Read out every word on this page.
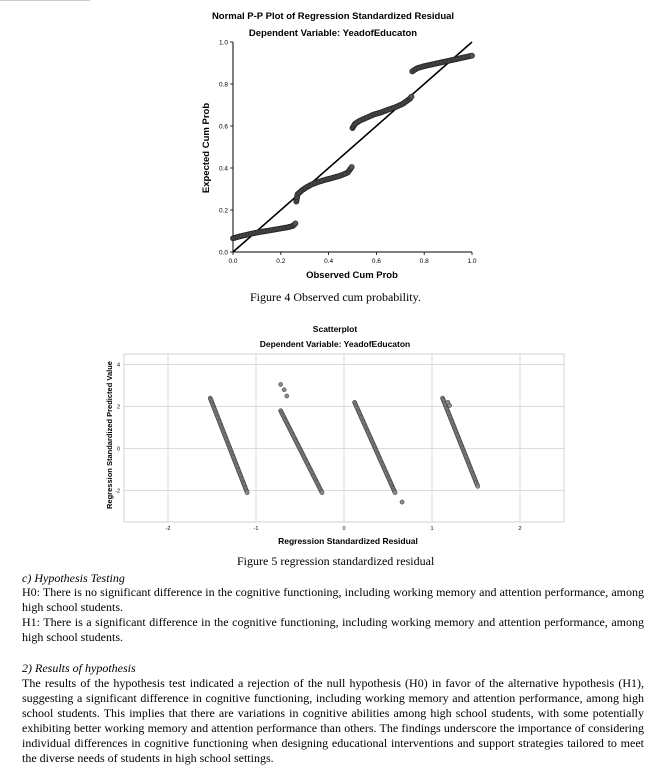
Normal P-P Plot of Regression Standardized Residual
Dependent Variable: YeadofEducaton
0.0	0.2	0.4	0.6	0.8	1.0
0.0
0.2
0.4
0.6
0.8
1.0
Observed Cum Prob
Expected Cum Prob
Figure 4 Observed cum probability.
Scatterplot
Dependent Variable: YeadofEducaton
-2	-1	0	1	2
-2
0
2
4
Regression Standardized Residual
Regression Standardized Predicted Value
Figure 5 regression standardized residual
c) Hypothesis Testing
H0: There is no significant difference in the cognitive functioning, including working memory and attention performance, among high school students.
H1: There is a significant difference in the cognitive functioning, including working memory and attention performance, among high school students.
2) Results of hypothesis
The results of the hypothesis test indicated a rejection of the null hypothesis (H0) in favor of the alternative hypothesis (H1), suggesting a significant difference in cognitive functioning, including working memory and attention performance, among high school students. This implies that there are variations in cognitive abilities among high school students, with some potentially exhibiting better working memory and attention performance than others. The findings underscore the importance of considering individual differences in cognitive functioning when designing educational interventions and support strategies tailored to meet the diverse needs of students in high school settings.
